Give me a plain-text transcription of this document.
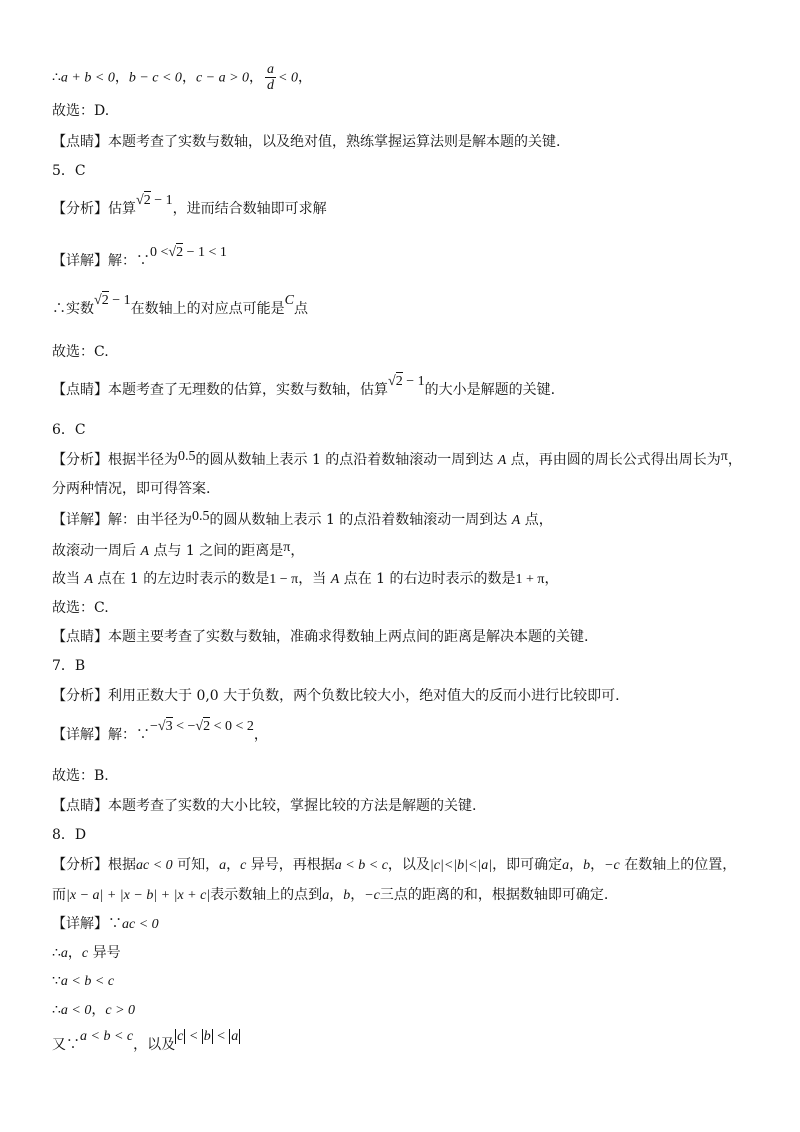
∴a + b < 0，b − c < 0，c − a > 0， $\frac{a}{d} < 0$，
故选：D.
【点睛】本题考查了实数与数轴，以及绝对值，熟练掌握运算法则是解本题的关键.
5．C
【分析】估算√2 − 1，进而结合数轴即可求解
【详解】解：∵0 <√2 − 1 < 1
∴实数√2 − 1在数轴上的对应点可能是C点
故选：C.
【点睛】本题考查了无理数的估算，实数与数轴，估算√2 − 1的大小是解题的关键.
6．C
【分析】根据半径为0.5的圆从数轴上表示 1 的点沿着数轴滚动一周到达 A 点，再由圆的周长公式得出周长为π，
分两种情况，即可得答案.
【详解】解：由半径为0.5的圆从数轴上表示 1 的点沿着数轴滚动一周到达 A 点，
故滚动一周后 A 点与 1 之间的距离是π，
故当 A 点在 1 的左边时表示的数是1 − π，当 A 点在 1 的右边时表示的数是1 + π，
故选：C.
【点睛】本题主要考查了实数与数轴，准确求得数轴上两点间的距离是解决本题的关键.
7．B
【分析】利用正数大于 0,0 大于负数，两个负数比较大小，绝对值大的反而小进行比较即可.
【详解】解：∵−√3 < −√2 < 0 < 2，
故选：B.
【点睛】本题考查了实数的大小比较，掌握比较的方法是解题的关键.
8．D
【分析】根据ac < 0 可知，a，c 异号，再根据a < b < c，以及|c|<|b|<|a|，即可确定a，b，−c 在数轴上的位置，
而|x − a| + |x − b| + |x + c|表示数轴上的点到a，b，−c三点的距离的和，根据数轴即可确定.
【详解】∵ac < 0
∴a，c 异号
∵a < b < c
∴a < 0，c > 0
又∵a < b < c，以及c < b < a
